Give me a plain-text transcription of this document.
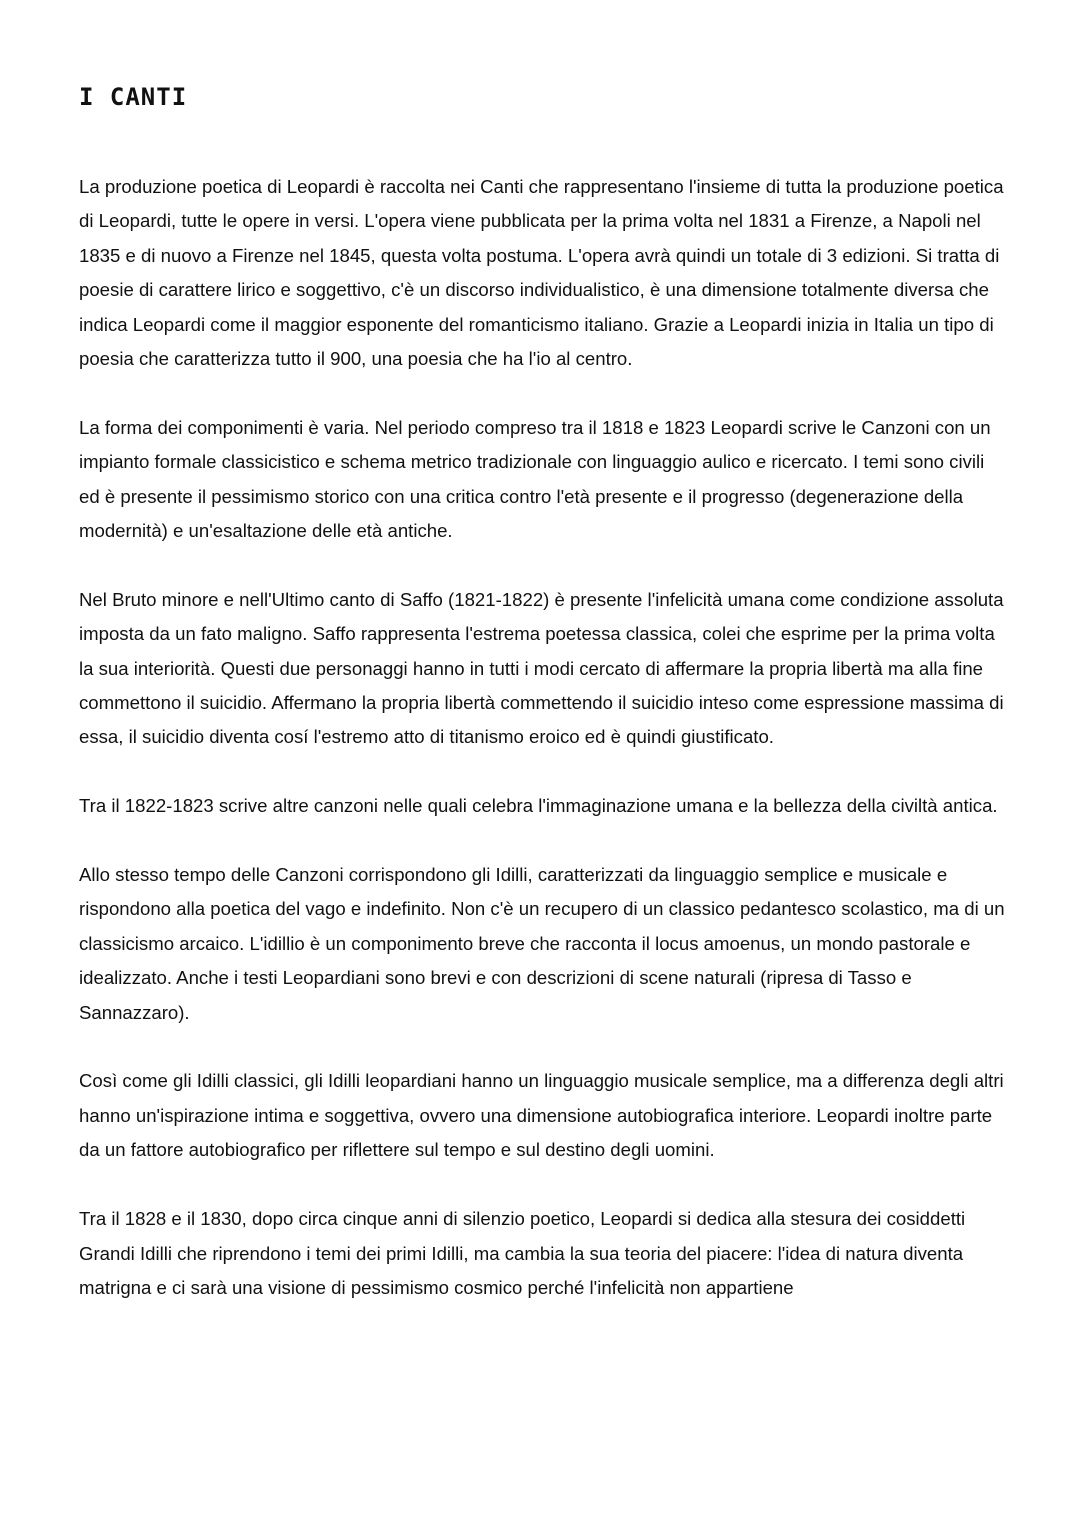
I CANTI

La produzione poetica di Leopardi è raccolta nei Canti che rappresentano l'insieme di tutta la produzione poetica di Leopardi, tutte le opere in versi. L'opera viene pubblicata per la prima volta nel 1831 a Firenze, a Napoli nel 1835 e di nuovo a Firenze nel 1845, questa volta postuma. L'opera avrà quindi un totale di 3 edizioni. Si tratta di poesie di carattere lirico e soggettivo, c'è un discorso individualistico, è una dimensione totalmente diversa che indica Leopardi come il maggior esponente del romanticismo italiano. Grazie a Leopardi inizia in Italia un tipo di poesia che caratterizza tutto il 900, una poesia che ha l'io al centro.

La forma dei componimenti è varia. Nel periodo compreso tra il 1818 e 1823 Leopardi scrive le Canzoni con un impianto formale classicistico e schema metrico tradizionale con linguaggio aulico e ricercato. I temi sono civili ed è presente il pessimismo storico con una critica contro l'età presente e il progresso (degenerazione della modernità) e un'esaltazione delle età antiche.

Nel Bruto minore e nell'Ultimo canto di Saffo (1821-1822) è presente l'infelicità umana come condizione assoluta imposta da un fato maligno. Saffo rappresenta l'estrema poetessa classica, colei che esprime per la prima volta la sua interiorità. Questi due personaggi hanno in tutti i modi cercato di affermare la propria libertà ma alla fine commettono il suicidio. Affermano la propria libertà commettendo il suicidio inteso come espressione massima di essa, il suicidio diventa cosí l'estremo atto di titanismo eroico ed è quindi giustificato.

Tra il 1822-1823 scrive altre canzoni nelle quali celebra l'immaginazione umana e la bellezza della civiltà antica.

Allo stesso tempo delle Canzoni corrispondono gli Idilli, caratterizzati da linguaggio semplice e musicale e rispondono alla poetica del vago e indefinito. Non c'è un recupero di un classico pedantesco scolastico, ma di un classicismo arcaico. L'idillio è un componimento breve che racconta il locus amoenus, un mondo pastorale e idealizzato. Anche i testi Leopardiani sono brevi e con descrizioni di scene naturali (ripresa di Tasso e Sannazzaro).

Così come gli Idilli classici, gli Idilli leopardiani hanno un linguaggio musicale semplice, ma a differenza degli altri hanno un'ispirazione intima e soggettiva, ovvero una dimensione autobiografica interiore. Leopardi inoltre parte da un fattore autobiografico per riflettere sul tempo e sul destino degli uomini.

Tra il 1828 e il 1830, dopo circa cinque anni di silenzio poetico, Leopardi si dedica alla stesura dei cosiddetti Grandi Idilli che riprendono i temi dei primi Idilli, ma cambia la sua teoria del piacere: l'idea di natura diventa matrigna e ci sarà una visione di pessimismo cosmico perché l'infelicità non appartiene
